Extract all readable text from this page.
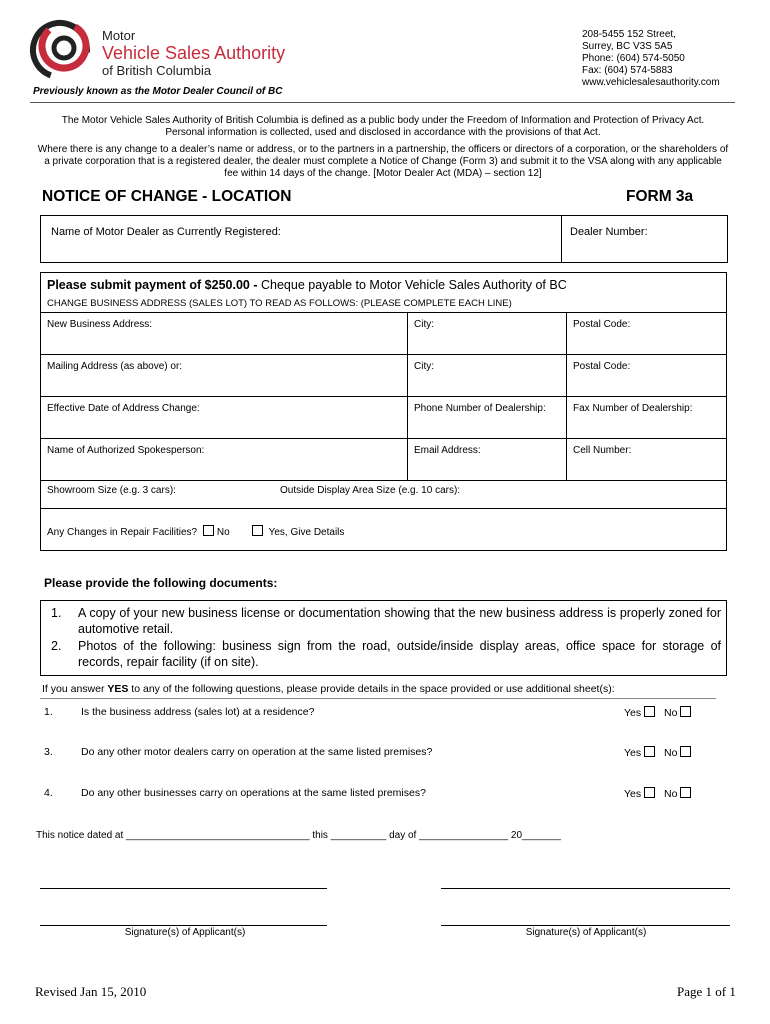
Motor
Vehicle Sales Authority
of British Columbia
Previously known as the Motor Dealer Council of BC
208-5455 152 Street,
Surrey, BC V3S 5A5
Phone: (604) 574-5050
Fax: (604) 574-5883
www.vehiclesalesauthority.com
The Motor Vehicle Sales Authority of British Columbia is defined as a public body under the Freedom of Information and Protection of Privacy Act.
Personal information is collected, used and disclosed in accordance with the provisions of that Act.
Where there is any change to a dealer’s name or address, or to the partners in a partnership, the officers or directors of a corporation, or the shareholders of
a private corporation that is a registered dealer, the dealer must complete a Notice of Change (Form 3) and submit it to the VSA along with any applicable
fee within 14 days of the change. [Motor Dealer Act (MDA) – section 12]
NOTICE OF CHANGE - LOCATION	FORM 3a
Name of Motor Dealer as Currently Registered:	Dealer Number:
Please submit payment of $250.00 - Cheque payable to Motor Vehicle Sales Authority of BC
CHANGE BUSINESS ADDRESS (SALES LOT) TO READ AS FOLLOWS: (PLEASE COMPLETE EACH LINE)
New Business Address:	City:	Postal Code:
Mailing Address (as above) or:	City:	Postal Code:
Effective Date of Address Change:	Phone Number of Dealership:	Fax Number of Dealership:
Name of Authorized Spokesperson:	Email Address:	Cell Number:
Showroom Size (e.g. 3 cars):	Outside Display Area Size (e.g. 10 cars):
Any Changes in Repair Facilities? No	Yes, Give Details
Please provide the following documents:
1. A copy of your new business license or documentation showing that the new business address is properly zoned for automotive retail.
2. Photos of the following: business sign from the road, outside/inside display areas, office space for storage of records, repair facility (if on site).
If you answer YES to any of the following questions, please provide details in the space provided or use additional sheet(s):
1.	Is the business address (sales lot) at a residence?	Yes No
3.	Do any other motor dealers carry on operation at the same listed premises?	Yes No
4.	Do any other businesses carry on operations at the same listed premises?	Yes No
This notice dated at _________________________________ this __________ day of ________________ 20_______
Signature(s) of Applicant(s)	Signature(s) of Applicant(s)
Revised Jan 15, 2010	Page 1 of 1
